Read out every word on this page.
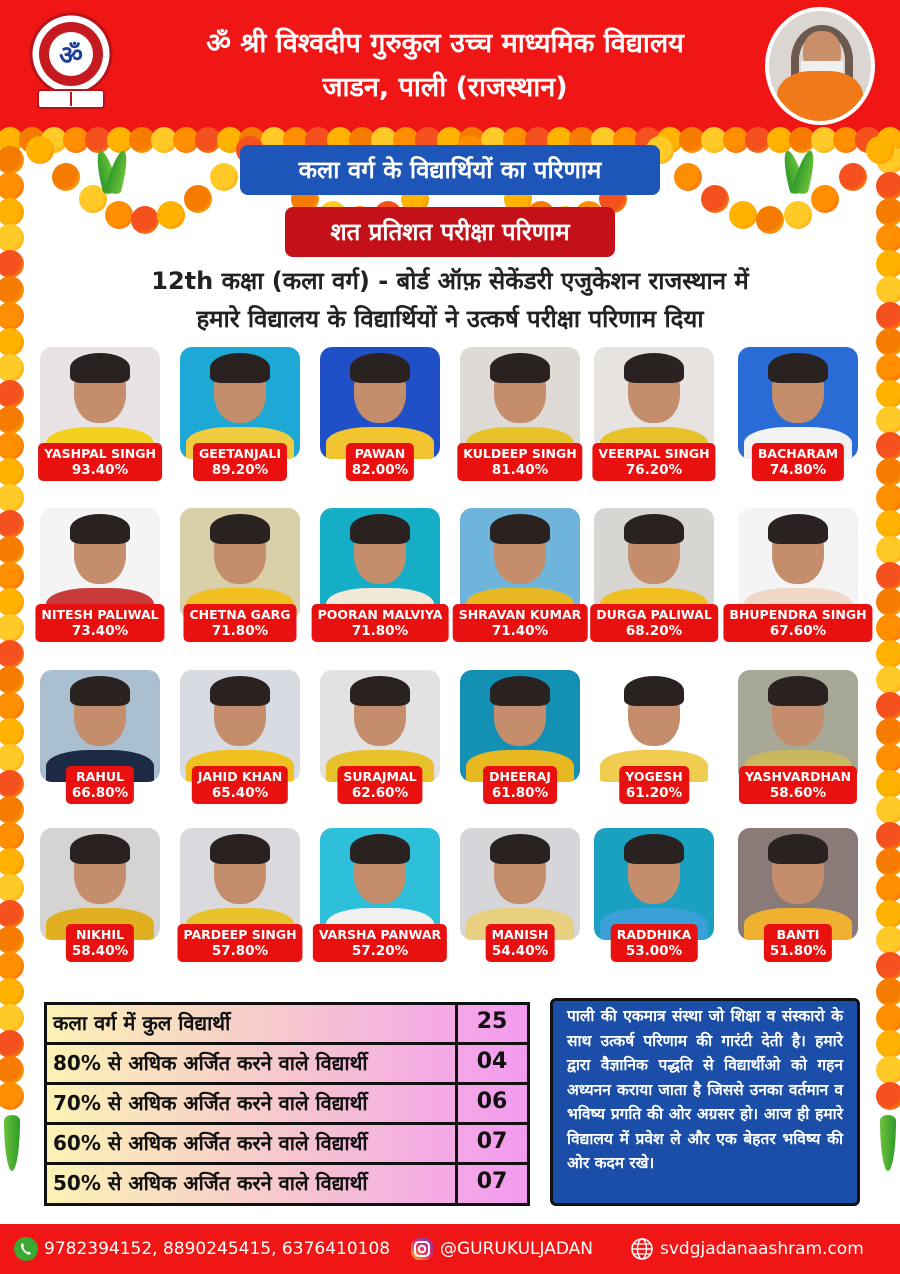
ॐ	ॐ श्री विश्वदीप गुरुकुल उच्च माध्यमिक विद्यालय
जाडन, पाली (राजस्थान)
कला वर्ग के विद्यार्थियों का परिणाम
शत प्रतिशत परीक्षा परिणाम
12th कक्षा (कला वर्ग) - बोर्ड ऑफ़ सेकेंडरी एजुकेशन राजस्थान में
हमारे विद्यालय के विद्यार्थियों ने उत्कर्ष परीक्षा परिणाम दिया
YASHPAL SINGH
93.40%
GEETANJALI
89.20%
PAWAN
82.00%
KULDEEP SINGH
81.40%
VEERPAL SINGH
76.20%
BACHARAM
74.80%
NITESH PALIWAL
73.40%
CHETNA GARG
71.80%
POORAN MALVIYA
71.80%
SHRAVAN KUMAR
71.40%
DURGA PALIWAL
68.20%
BHUPENDRA SINGH
67.60%
RAHUL
66.80%
JAHID KHAN
65.40%
SURAJMAL
62.60%
DHEERAJ
61.80%
YOGESH
61.20%
YASHVARDHAN
58.60%
NIKHIL
58.40%
PARDEEP SINGH
57.80%
VARSHA PANWAR
57.20%
MANISH
54.40%
RADDHIKA
53.00%
BANTI
51.80%
कला वर्ग में कुल विद्यार्थी	25
80% से अधिक अर्जित करने वाले विद्यार्थी	04
70% से अधिक अर्जित करने वाले विद्यार्थी	06
60% से अधिक अर्जित करने वाले विद्यार्थी	07
50% से अधिक अर्जित करने वाले विद्यार्थी	07
पाली की एकमात्र संस्था जो शिक्षा व संस्कारो के साथ उत्कर्ष परिणाम की गारंटी देती है। हमारे द्वारा वैज्ञानिक पद्धति से विद्यार्थीओ को गहन अध्यनन कराया जाता है जिससे उनका वर्तमान व भविष्य प्रगति की ओर अग्रसर हो। आज ही हमारे विद्यालय में प्रवेश ले और एक बेहतर भविष्य की ओर कदम रखे।
9782394152, 8890245415, 6376410108	@GURUKULJADAN	svdgjadanaashram.com
